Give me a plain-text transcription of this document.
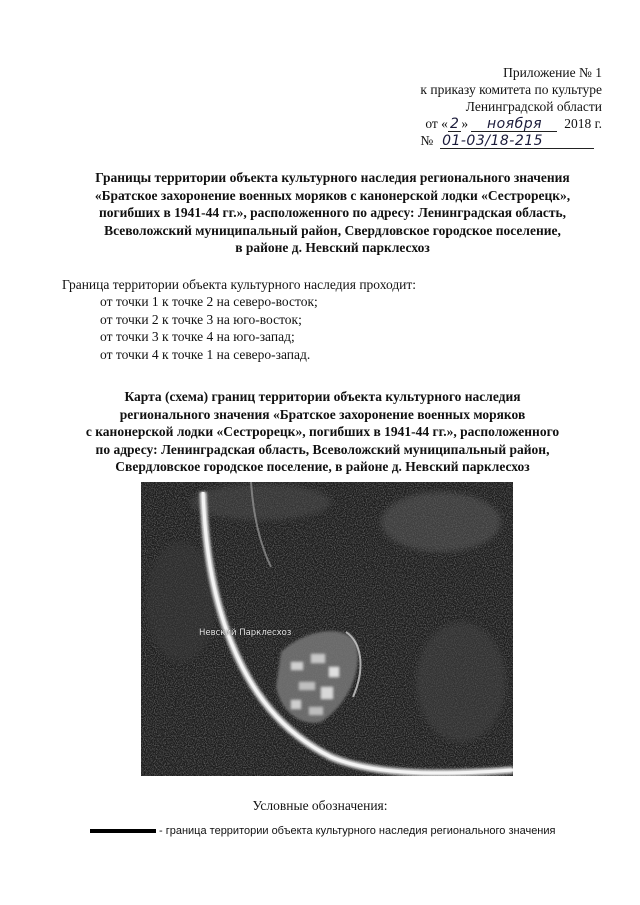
Приложение № 1
к приказу комитета по культуре
Ленинградской области
от « 2 » ноября 2018 г.
№ 01-03/18-215
Границы территории объекта культурного наследия регионального значения
«Братское захоронение военных моряков с канонерской лодки «Сестрорецк»,
погибших в 1941-44 гг.», расположенного по адресу: Ленинградская область,
Всеволожский муниципальный район, Свердловское городское поселение,
в районе д. Невский парклесхоз
Граница территории объекта культурного наследия проходит:
от точки 1 к точке 2 на северо-восток;
от точки 2 к точке 3 на юго-восток;
от точки 3 к точке 4 на юго-запад;
от точки 4 к точке 1 на северо-запад.
Карта (схема) границ территории объекта культурного наследия
регионального значения «Братское захоронение военных моряков
с канонерской лодки «Сестрорецк», погибших в 1941-44 гг.», расположенного
по адресу: Ленинградская область, Всеволожский муниципальный район,
Свердловское городское поселение, в районе д. Невский парклесхоз
Невский Парклесхоз
Условные обозначения:
- граница территории объекта культурного наследия регионального значения
